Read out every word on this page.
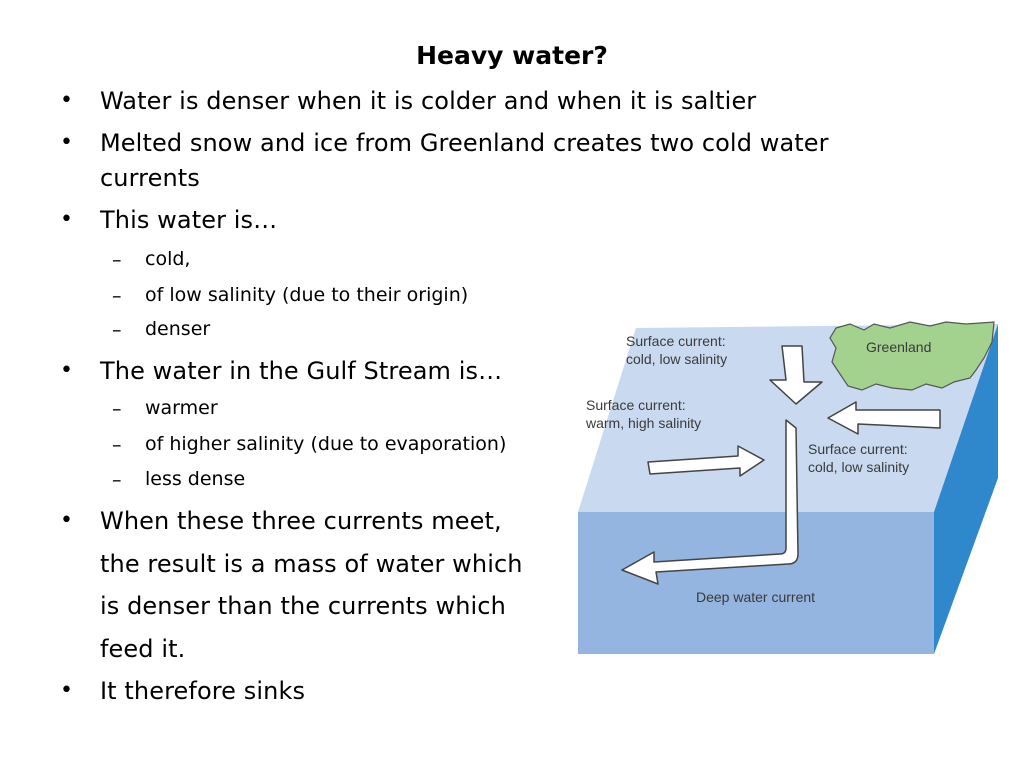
Heavy water?
• Water is denser when it is colder and when it is saltier
• Melted snow and ice from Greenland creates two cold water
currents
• This water is…
– cold,
– of low salinity (due to their origin)
– denser
• The water in the Gulf Stream is…
– warmer
– of higher salinity (due to evaporation)
– less dense
• When these three currents meet,
the result is a mass of water which
is denser than the currents which
feed it.
• It therefore sinks
Greenland
Surface current:
cold, low salinity
Surface current:
warm, high salinity
Surface current:
cold, low salinity
Deep water current
